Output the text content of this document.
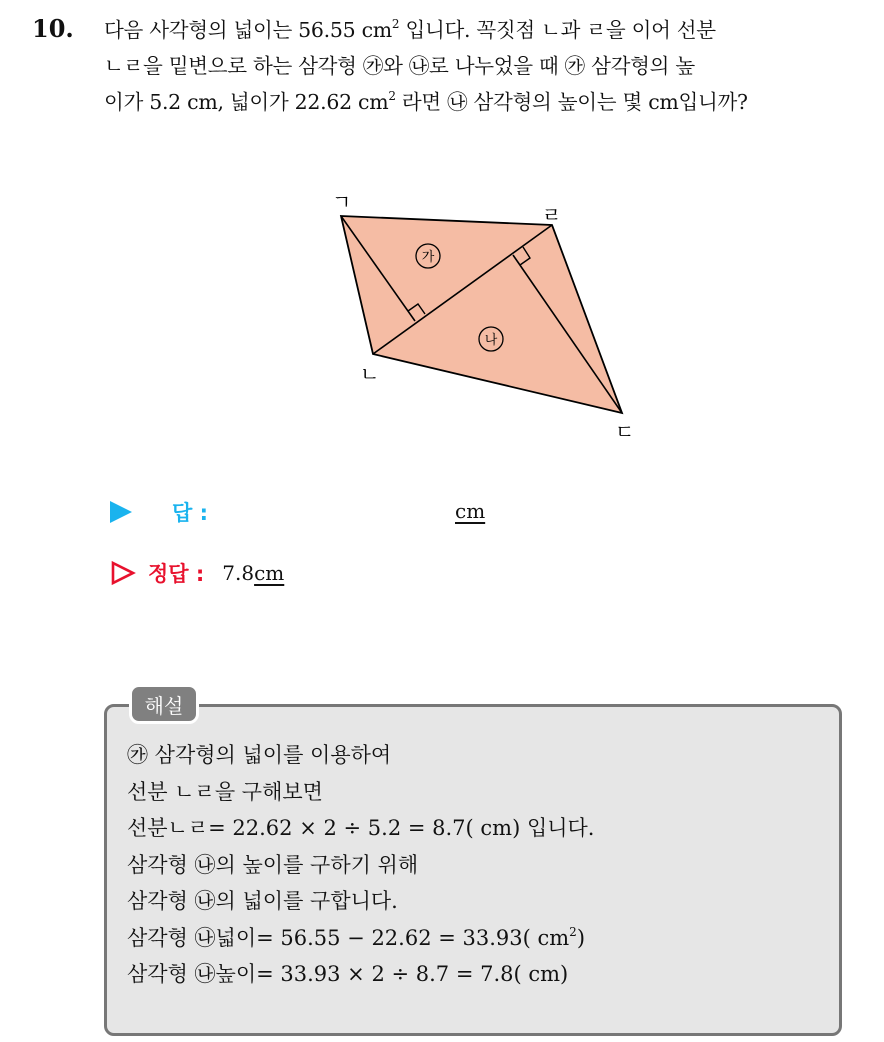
10. 다음 사각형의 넓이는 56.55 $cm^2$ 입니다. 꼭짓점 ㄴ과 ㄹ을 이어 선분

ㄴㄹ을 밑변으로 하는 삼각형 ㉮와 ㉯로 나누었을 때 ㉮ 삼각형의 높

이가 5.2 cm, 넓이가 22.62 $cm^2$ 라면 ㉯ 삼각형의 높이는 몇 cm입니까?

가
나
ㄱ
ㄹ
ㄴ
ㄷ
답 :	cm
정답 : 7.8 cm
해설
㉮ 삼각형의 넓이를 이용하여
선분 ㄴㄹ을 구해보면
선분ㄴㄹ= 22.62 × 2 ÷ 5.2 = 8.7( cm) 입니다.
삼각형 ㉯의 높이를 구하기 위해
삼각형 ㉯의 넓이를 구합니다.
삼각형 ㉯넓이= 56.55 − 22.62 = 33.93( $cm^2$)
삼각형 ㉯높이= 33.93 × 2 ÷ 8.7 = 7.8( cm)
